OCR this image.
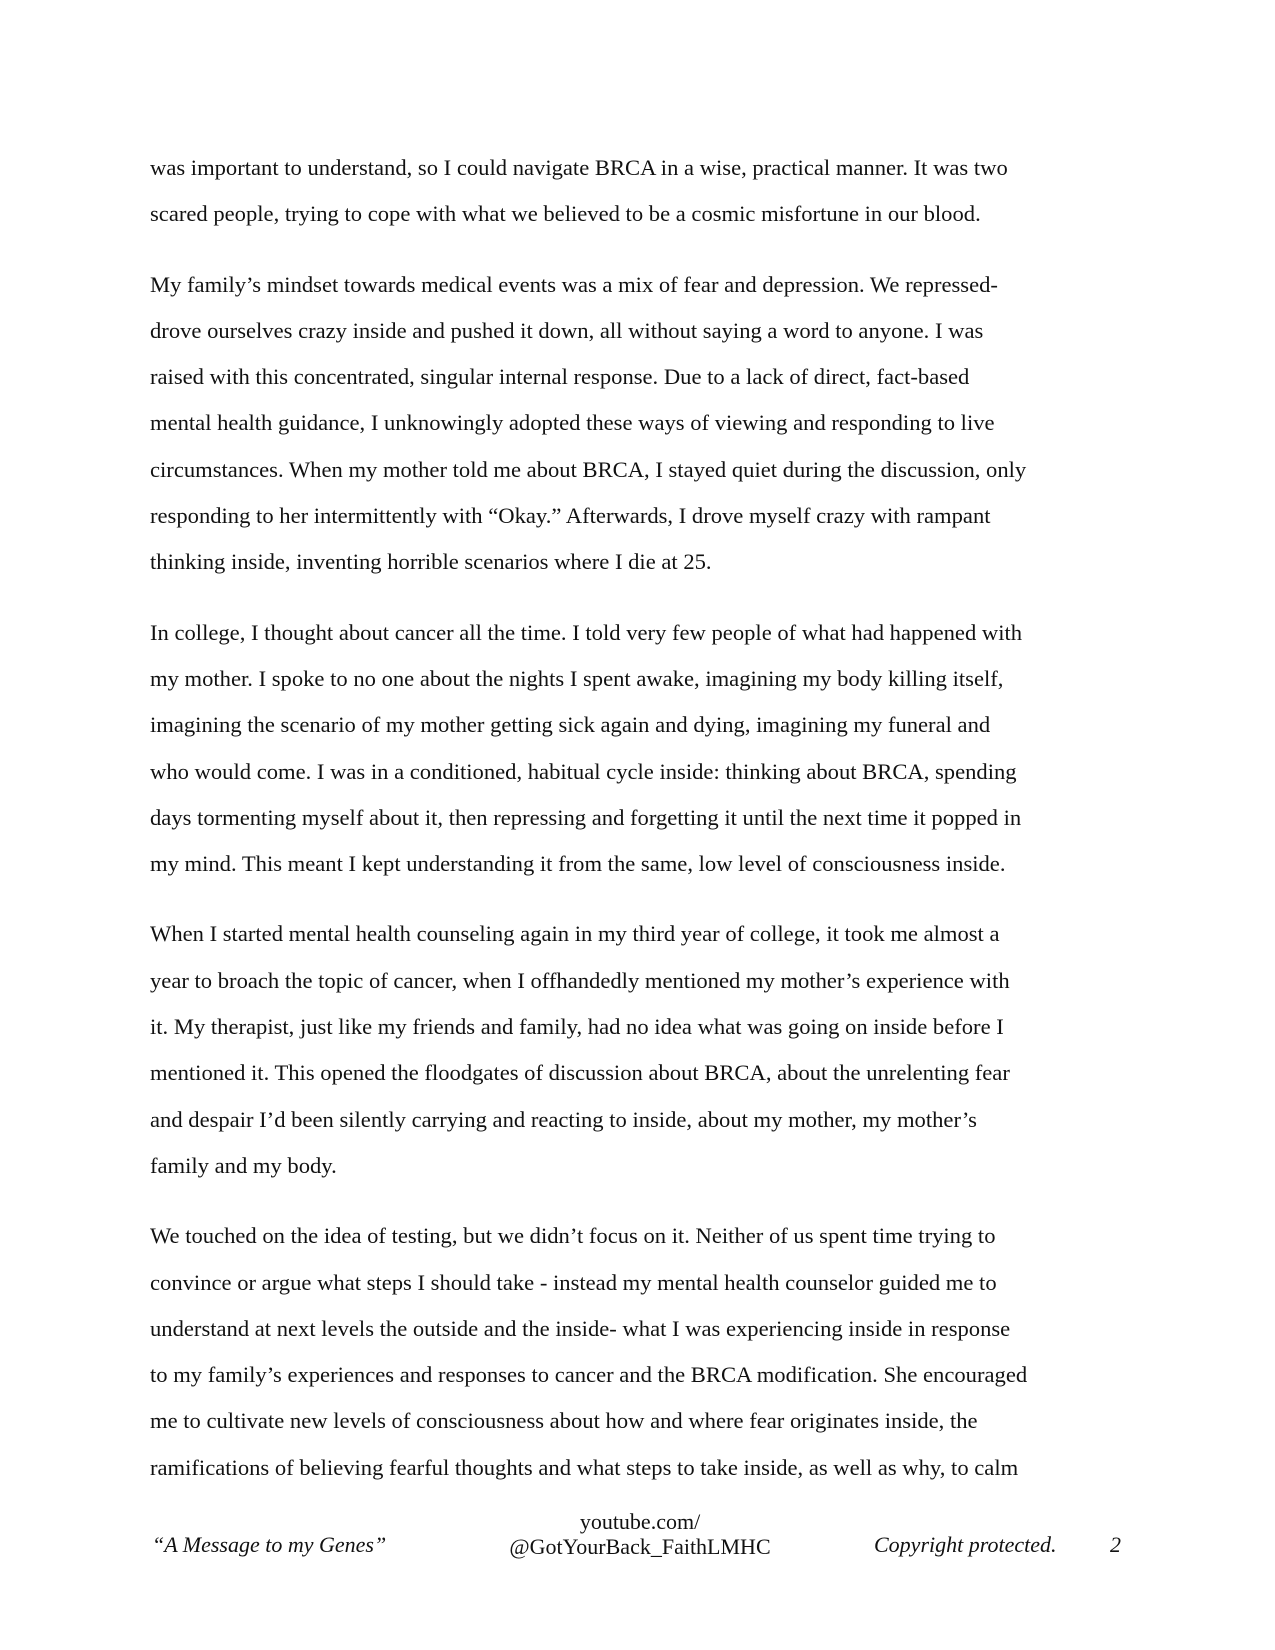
was important to understand, so I could navigate BRCA in a wise, practical manner. It was two
scared people, trying to cope with what we believed to be a cosmic misfortune in our blood.

My family’s mindset towards medical events was a mix of fear and depression. We repressed-
drove ourselves crazy inside and pushed it down, all without saying a word to anyone. I was
raised with this concentrated, singular internal response. Due to a lack of direct, fact-based
mental health guidance, I unknowingly adopted these ways of viewing and responding to live
circumstances. When my mother told me about BRCA, I stayed quiet during the discussion, only
responding to her intermittently with “Okay.” Afterwards, I drove myself crazy with rampant
thinking inside, inventing horrible scenarios where I die at 25.

In college, I thought about cancer all the time. I told very few people of what had happened with
my mother. I spoke to no one about the nights I spent awake, imagining my body killing itself,
imagining the scenario of my mother getting sick again and dying, imagining my funeral and
who would come. I was in a conditioned, habitual cycle inside: thinking about BRCA, spending
days tormenting myself about it, then repressing and forgetting it until the next time it popped in
my mind. This meant I kept understanding it from the same, low level of consciousness inside.

When I started mental health counseling again in my third year of college, it took me almost a
year to broach the topic of cancer, when I offhandedly mentioned my mother’s experience with
it. My therapist, just like my friends and family, had no idea what was going on inside before I
mentioned it. This opened the floodgates of discussion about BRCA, about the unrelenting fear
and despair I’d been silently carrying and reacting to inside, about my mother, my mother’s
family and my body.

We touched on the idea of testing, but we didn’t focus on it. Neither of us spent time trying to
convince or argue what steps I should take - instead my mental health counselor guided me to
understand at next levels the outside and the inside- what I was experiencing inside in response
to my family’s experiences and responses to cancer and the BRCA modification. She encouraged
me to cultivate new levels of consciousness about how and where fear originates inside, the
ramifications of believing fearful thoughts and what steps to take inside, as well as why, to calm

“A Message to my Genes”
youtube.com/
@GotYourBack_FaithLMHC	Copyright protected. 2
